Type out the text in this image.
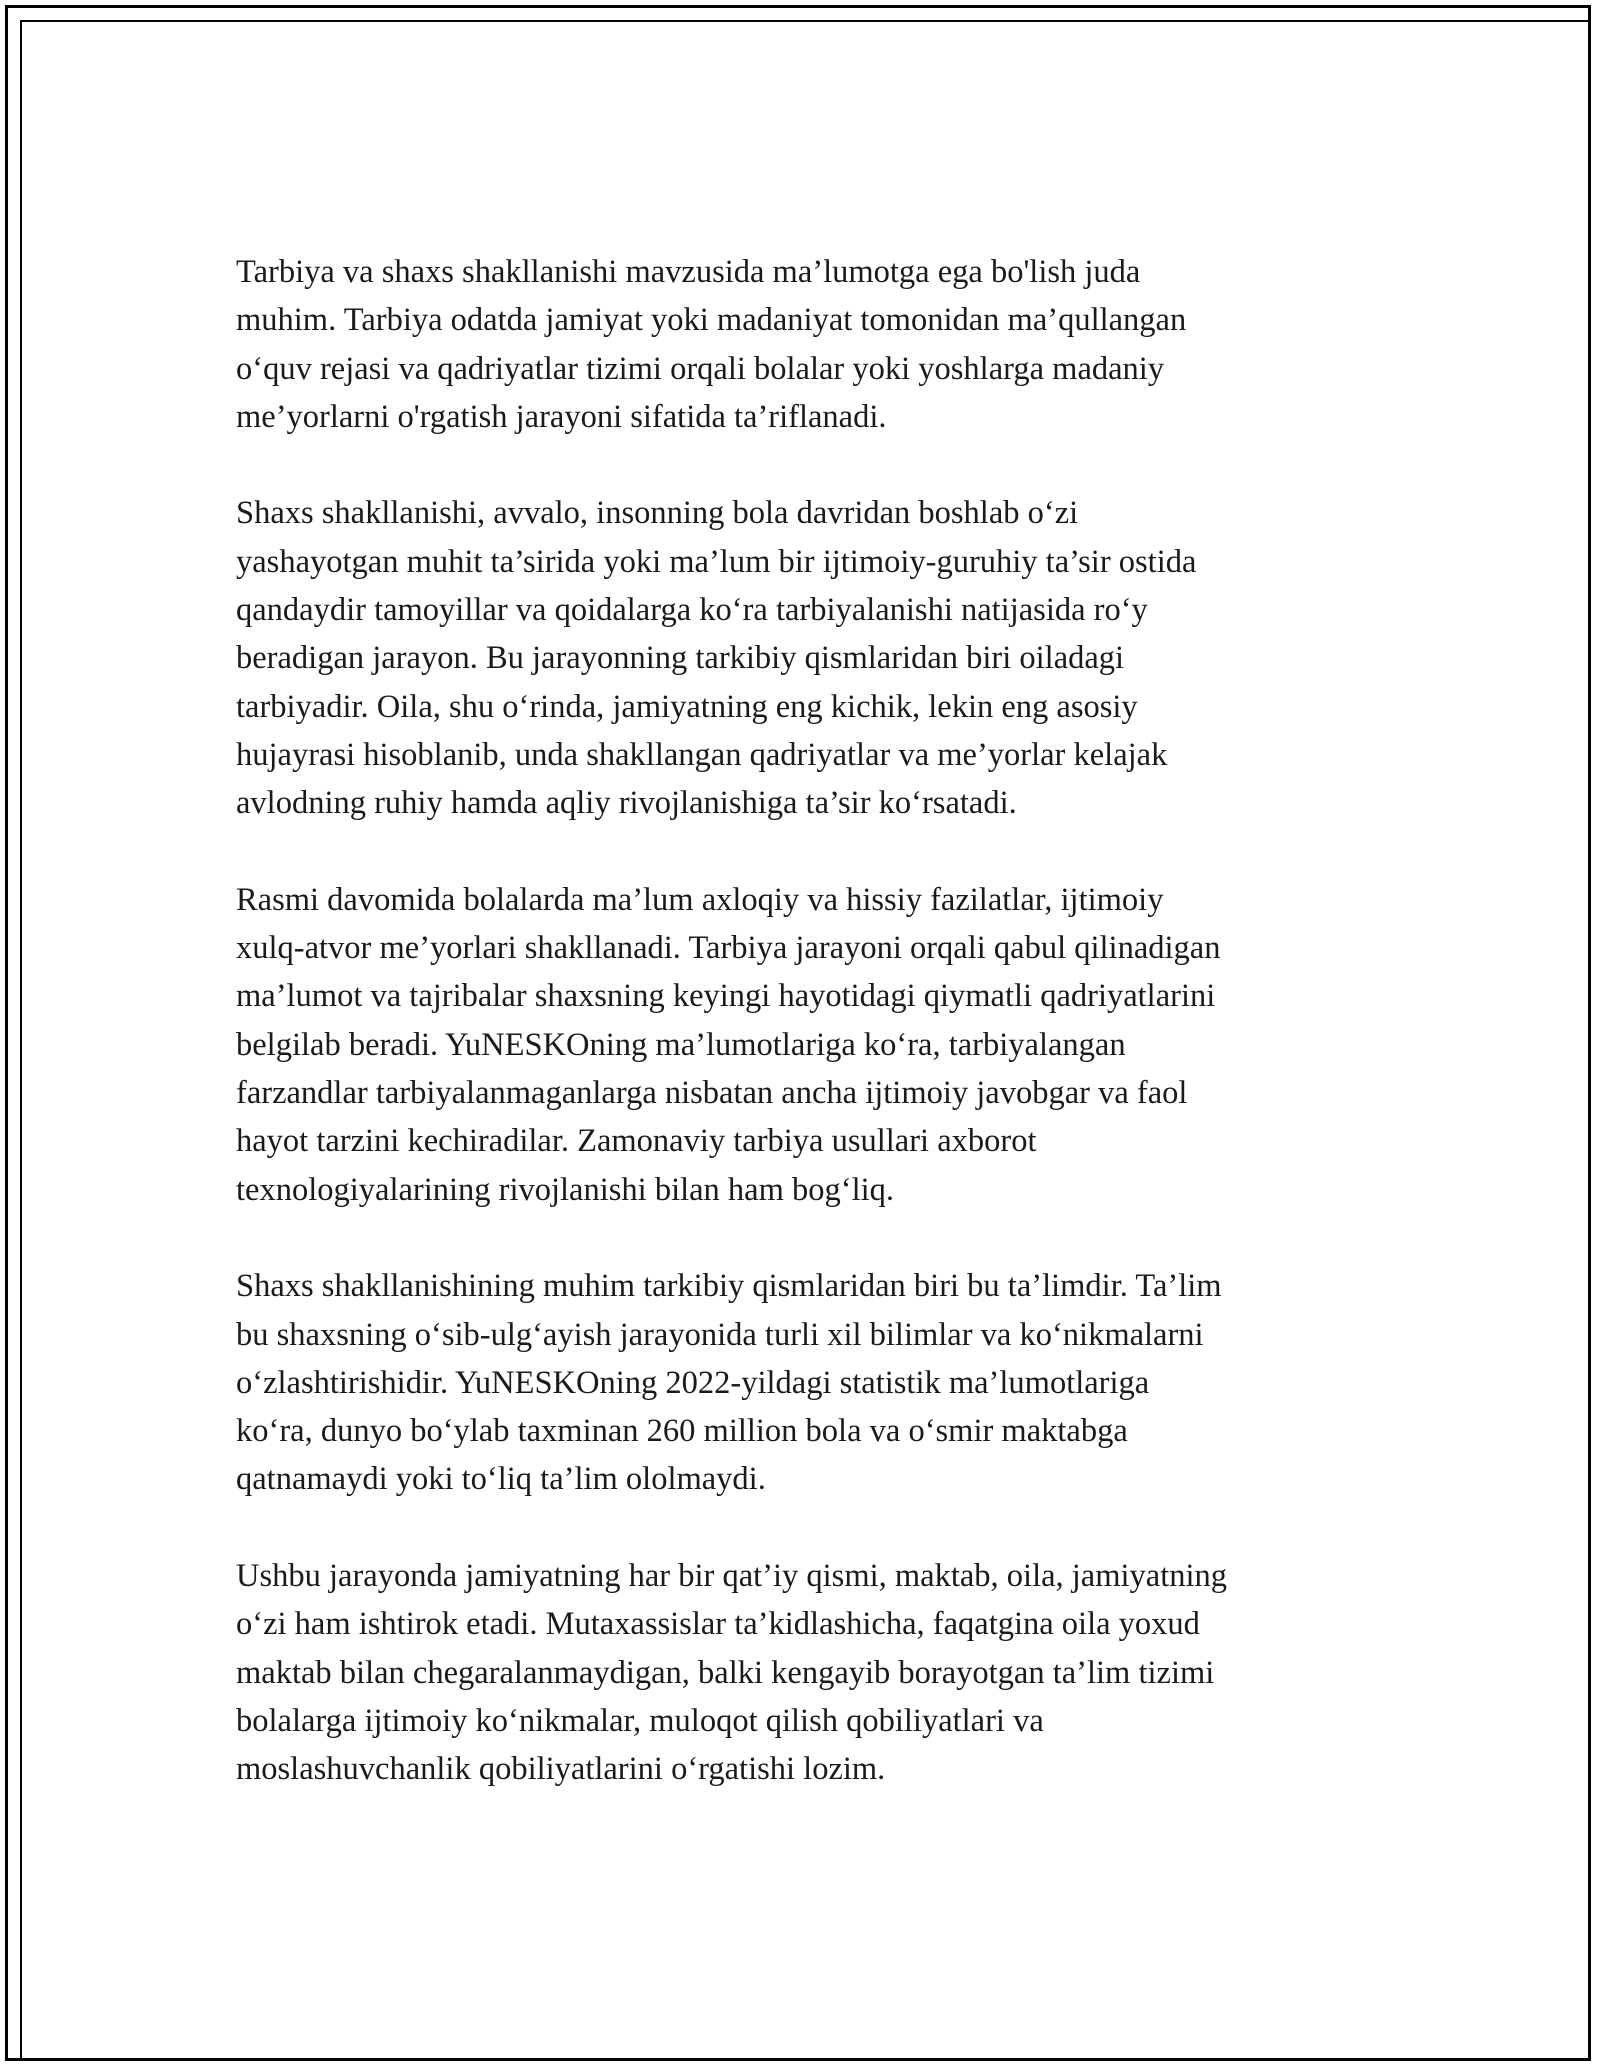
Tarbiya va shaxs shakllanishi mavzusida ma’lumotga ega bo'lish juda
muhim. Tarbiya odatda jamiyat yoki madaniyat tomonidan ma’qullangan
o‘quv rejasi va qadriyatlar tizimi orqali bolalar yoki yoshlarga madaniy
me’yorlarni o'rgatish jarayoni sifatida ta’riflanadi.

Shaxs shakllanishi, avvalo, insonning bola davridan boshlab o‘zi
yashayotgan muhit ta’sirida yoki ma’lum bir ijtimoiy-guruhiy ta’sir ostida
qandaydir tamoyillar va qoidalarga ko‘ra tarbiyalanishi natijasida ro‘y
beradigan jarayon. Bu jarayonning tarkibiy qismlaridan biri oiladagi
tarbiyadir. Oila, shu o‘rinda, jamiyatning eng kichik, lekin eng asosiy
hujayrasi hisoblanib, unda shakllangan qadriyatlar va me’yorlar kelajak
avlodning ruhiy hamda aqliy rivojlanishiga ta’sir ko‘rsatadi.

Rasmi davomida bolalarda ma’lum axloqiy va hissiy fazilatlar, ijtimoiy
xulq-atvor me’yorlari shakllanadi. Tarbiya jarayoni orqali qabul qilinadigan
ma’lumot va tajribalar shaxsning keyingi hayotidagi qiymatli qadriyatlarini
belgilab beradi. YuNESKOning ma’lumotlariga ko‘ra, tarbiyalangan
farzandlar tarbiyalanmaganlarga nisbatan ancha ijtimoiy javobgar va faol
hayot tarzini kechiradilar. Zamonaviy tarbiya usullari axborot
texnologiyalarining rivojlanishi bilan ham bog‘liq.

Shaxs shakllanishining muhim tarkibiy qismlaridan biri bu ta’limdir. Ta’lim
bu shaxsning o‘sib-ulg‘ayish jarayonida turli xil bilimlar va ko‘nikmalarni
o‘zlashtirishidir. YuNESKOning 2022-yildagi statistik ma’lumotlariga
ko‘ra, dunyo bo‘ylab taxminan 260 million bola va o‘smir maktabga
qatnamaydi yoki to‘liq ta’lim ololmaydi.

Ushbu jarayonda jamiyatning har bir qat’iy qismi, maktab, oila, jamiyatning
o‘zi ham ishtirok etadi. Mutaxassislar ta’kidlashicha, faqatgina oila yoxud
maktab bilan chegaralanmaydigan, balki kengayib borayotgan ta’lim tizimi
bolalarga ijtimoiy ko‘nikmalar, muloqot qilish qobiliyatlari va
moslashuvchanlik qobiliyatlarini o‘rgatishi lozim.
